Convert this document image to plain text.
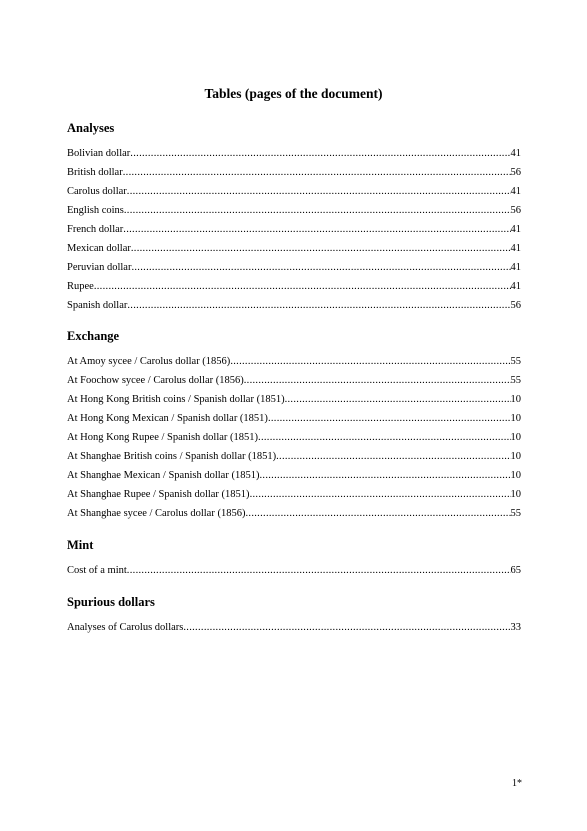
Tables (pages of the document)
Analyses
Bolivian dollar .....	41
British dollar .....	56
Carolus dollar .....	41
English coins .....	56
French dollar .....	41
Mexican dollar .....	41
Peruvian dollar .....	41
Rupee .....	41
Spanish dollar .....	56
Exchange
At Amoy sycee / Carolus dollar (1856) .....	55
At Foochow sycee / Carolus dollar (1856) .....	55
At Hong Kong British coins / Spanish dollar (1851) .....	10
At Hong Kong Mexican / Spanish dollar (1851) .....	10
At Hong Kong Rupee / Spanish dollar (1851) .....	10
At Shanghae British coins / Spanish dollar (1851) .....	10
At Shanghae Mexican / Spanish dollar (1851) .....	10
At Shanghae Rupee / Spanish dollar (1851) .....	10
At Shanghae sycee / Carolus dollar (1856) .....	55
Mint
Cost of a mint .....	65
Spurious dollars
Analyses of Carolus dollars .....	33
1*
